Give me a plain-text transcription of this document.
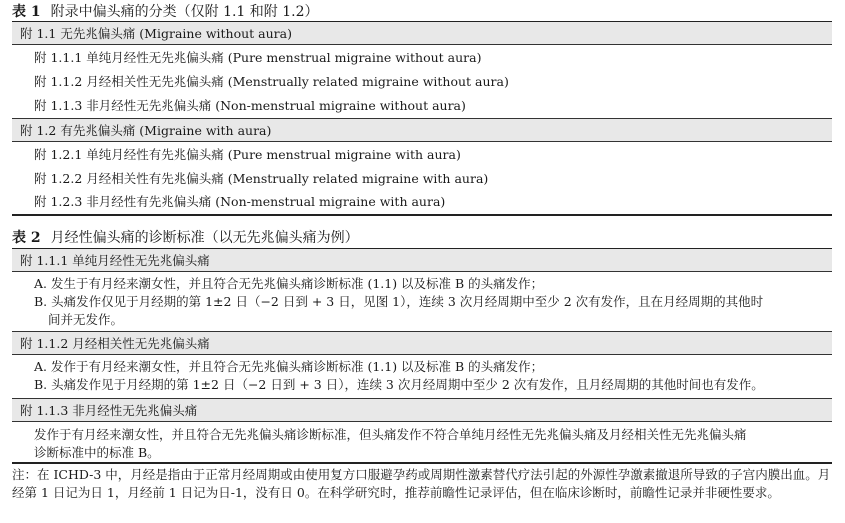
表 1 附录中偏头痛的分类（仅附 1.1 和附 1.2）
附 1.1 无先兆偏头痛 (Migraine without aura)
附 1.1.1 单纯月经性无先兆偏头痛 (Pure menstrual migraine without aura)
附 1.1.2 月经相关性无先兆偏头痛 (Menstrually related migraine without aura)
附 1.1.3 非月经性无先兆偏头痛 (Non-menstrual migraine without aura)
附 1.2 有先兆偏头痛 (Migraine with aura)
附 1.2.1 单纯月经性有先兆偏头痛 (Pure menstrual migraine with aura)
附 1.2.2 月经相关性有先兆偏头痛 (Menstrually related migraine with aura)
附 1.2.3 非月经性有先兆偏头痛 (Non-menstrual migraine with aura)
表 2 月经性偏头痛的诊断标准（以无先兆偏头痛为例）
附 1.1.1 单纯月经性无先兆偏头痛
A. 发生于有月经来潮女性，并且符合无先兆偏头痛诊断标准 (1.1) 以及标准 B 的头痛发作；
B. 头痛发作仅见于月经期的第 1±2 日（−2 日到 + 3 日，见图 1），连续 3 次月经周期中至少 2 次有发作，且在月经周期的其他时
间并无发作。
附 1.1.2 月经相关性无先兆偏头痛
A. 发作于有月经来潮女性，并且符合无先兆偏头痛诊断标准 (1.1) 以及标准 B 的头痛发作；
B. 头痛发作见于月经期的第 1±2 日（−2 日到 + 3 日），连续 3 次月经周期中至少 2 次有发作，且月经周期的其他时间也有发作。
附 1.1.3 非月经性无先兆偏头痛
发作于有月经来潮女性，并且符合无先兆偏头痛诊断标准，但头痛发作不符合单纯月经性无先兆偏头痛及月经相关性无先兆偏头痛
诊断标准中的标准 B。
注：在 ICHD-3 中，月经是指由于正常月经周期或由使用复方口服避孕药或周期性激素替代疗法引起的外源性孕激素撤退所导致的子宫内膜出血。月经第 1 日记为日 1，月经前 1 日记为日-1，没有日 0。在科学研究时，推荐前瞻性记录评估，但在临床诊断时，前瞻性记录并非硬性要求。
